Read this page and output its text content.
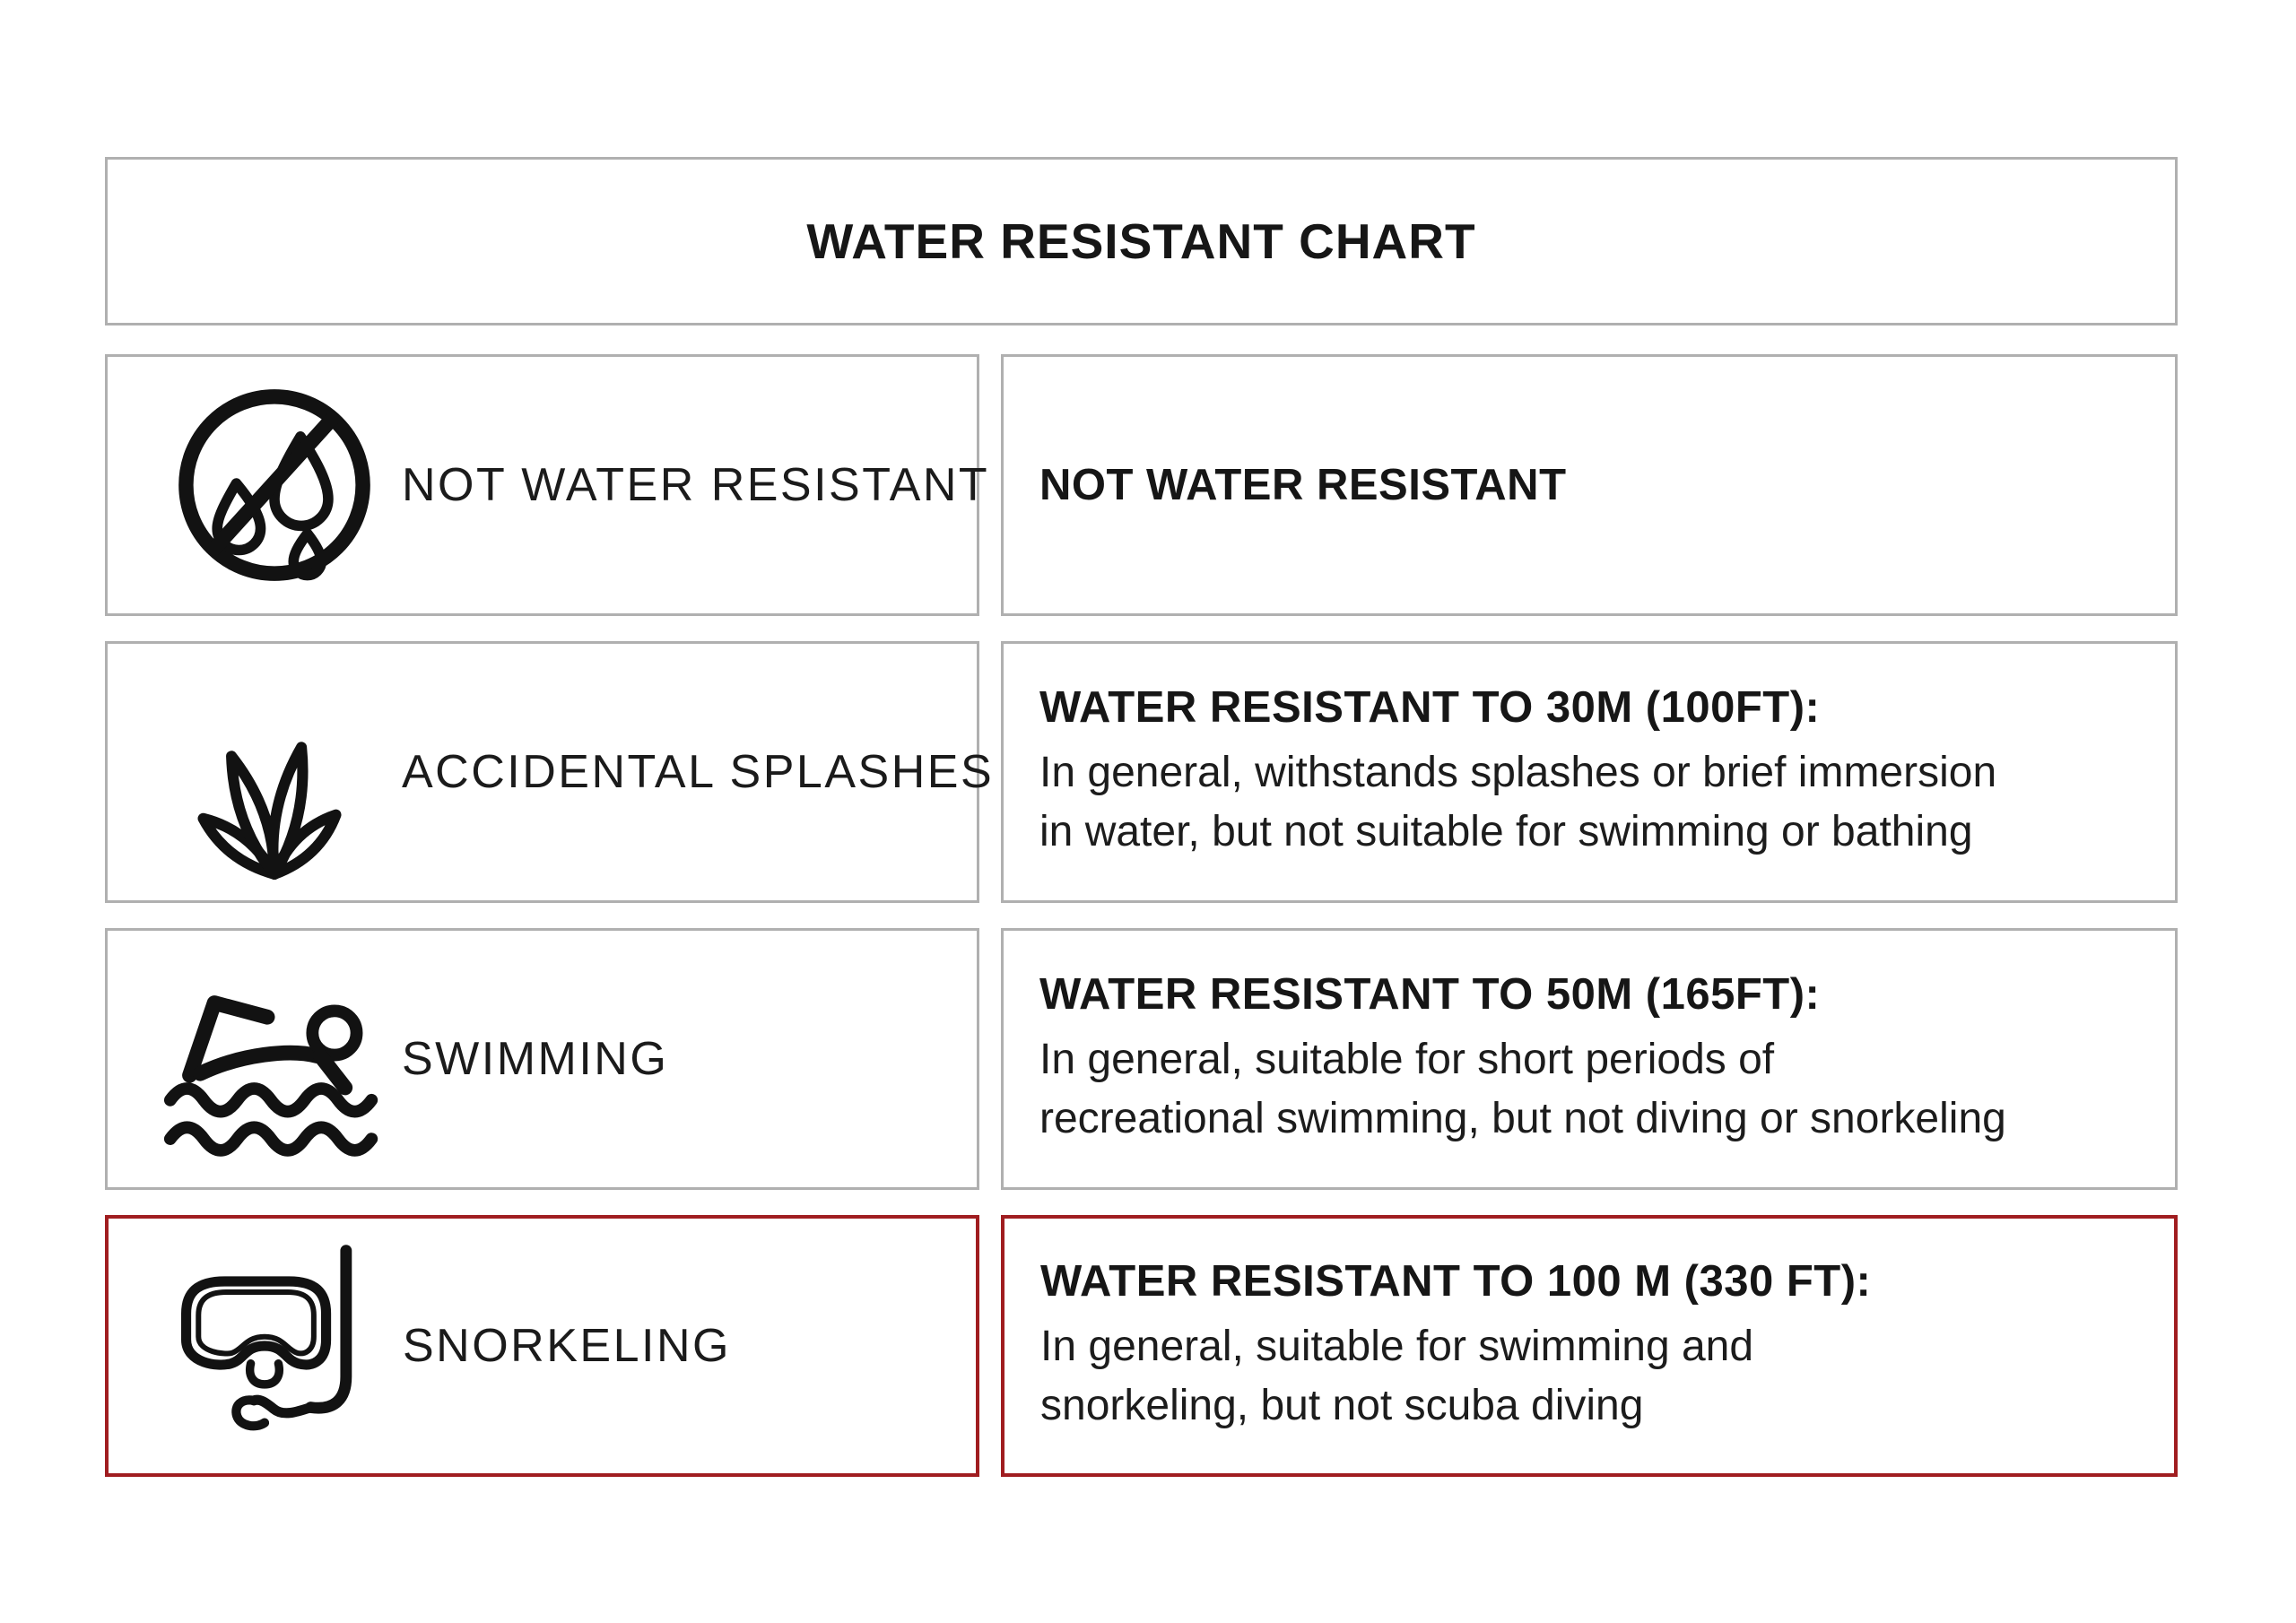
WATER RESISTANT CHART
NOT WATER RESISTANT NOT WATER RESISTANT
ACCIDENTAL SPLASHES
WATER RESISTANT TO 30M (100FT):
In general, withstands splashes or brief immersion
in water, but not suitable for swimming or bathing
SWIMMING
WATER RESISTANT TO 50M (165FT):
In general, suitable for short periods of
recreational swimming, but not diving or snorkeling
SNORKELING
WATER RESISTANT TO 100 M (330 FT):
In general, suitable for swimming and
snorkeling, but not scuba diving
